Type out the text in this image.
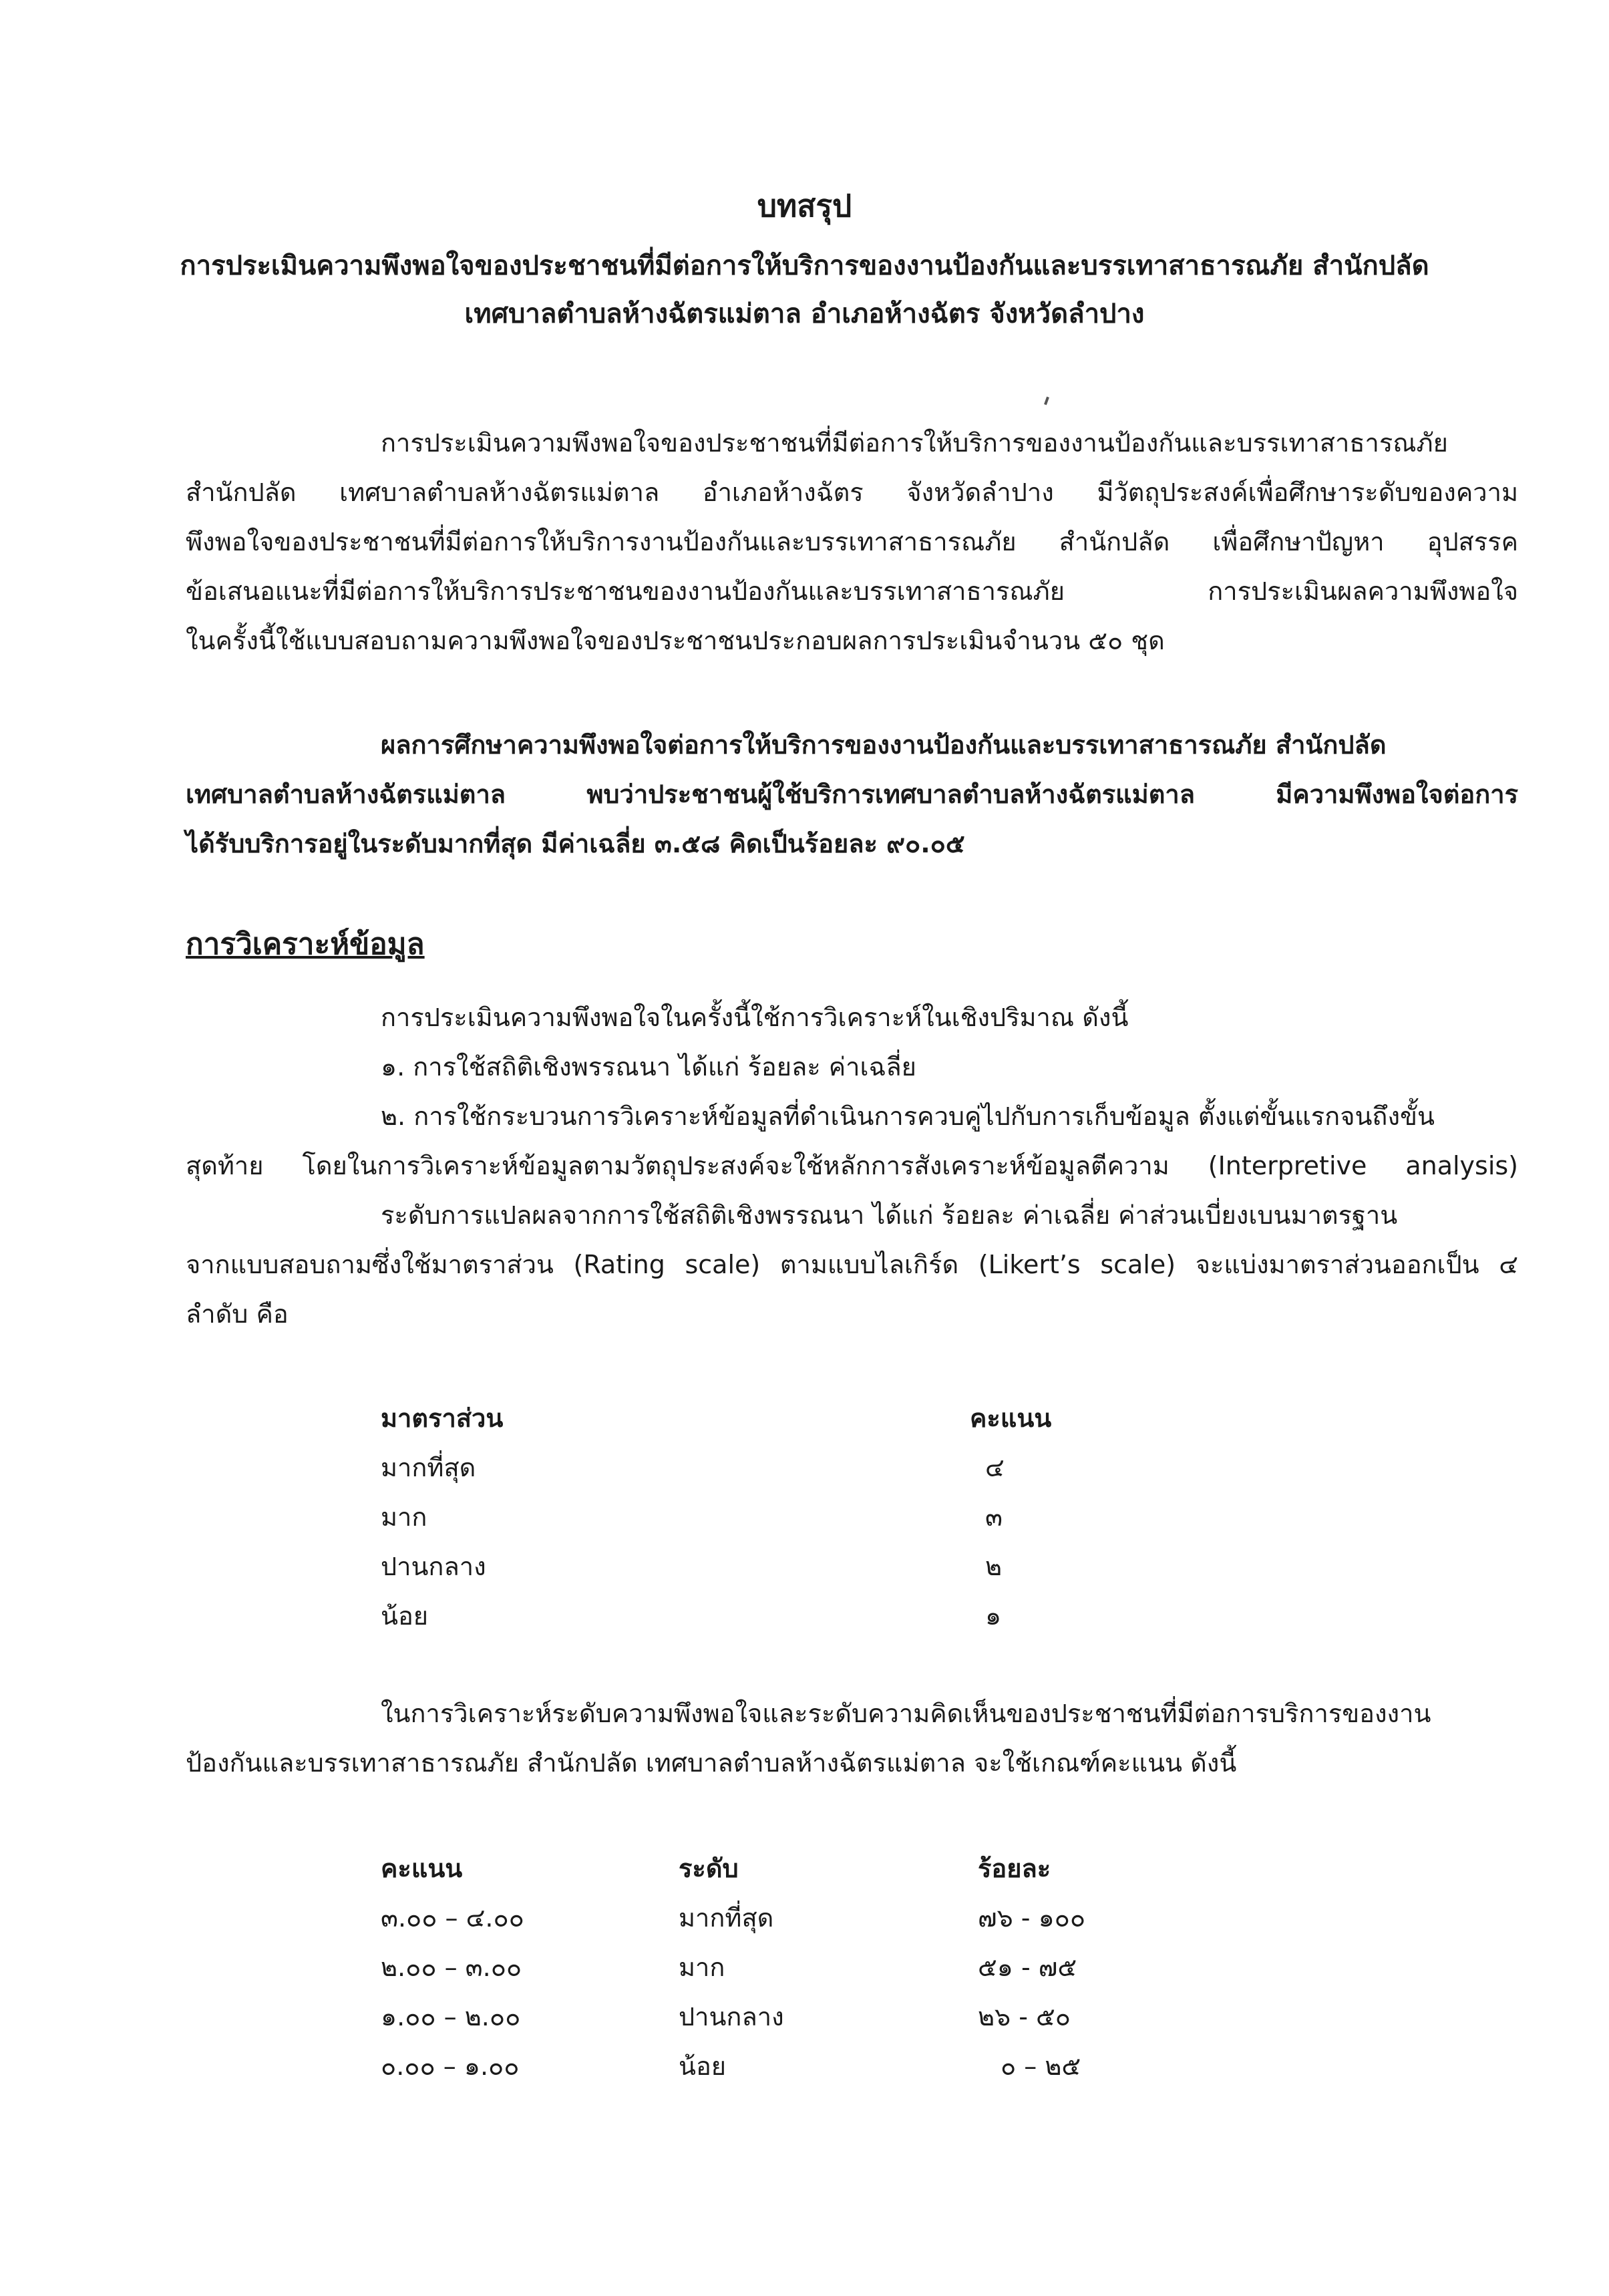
บทสรุป
การประเมินความพึงพอใจของประชาชนที่มีต่อการให้บริการของงานป้องกันและบรรเทาสาธารณภัย สำนักปลัด
เทศบาลตำบลห้างฉัตรแม่ตาล อำเภอห้างฉัตร จังหวัดลำปาง
การประเมินความพึงพอใจของประชาชนที่มีต่อการให้บริการของงานป้องกันและบรรเทาสาธารณภัย
สำนักปลัด เทศบาลตำบลห้างฉัตรแม่ตาล อำเภอห้างฉัตร จังหวัดลำปาง มีวัตถุประสงค์เพื่อศึกษาระดับของความ
พึงพอใจของประชาชนที่มีต่อการให้บริการงานป้องกันและบรรเทาสาธารณภัย สำนักปลัด เพื่อศึกษาปัญหา อุปสรรค
ข้อเสนอแนะที่มีต่อการให้บริการประชาชนของงานป้องกันและบรรเทาสาธารณภัย การประเมินผลความพึงพอใจ
ในครั้งนี้ใช้แบบสอบถามความพึงพอใจของประชาชนประกอบผลการประเมินจำนวน ๕๐ ชุด
ผลการศึกษาความพึงพอใจต่อการให้บริการของงานป้องกันและบรรเทาสาธารณภัย สำนักปลัด
เทศบาลตำบลห้างฉัตรแม่ตาล พบว่าประชาชนผู้ใช้บริการเทศบาลตำบลห้างฉัตรแม่ตาล มีความพึงพอใจต่อการ
ได้รับบริการอยู่ในระดับมากที่สุด มีค่าเฉลี่ย ๓.๕๘ คิดเป็นร้อยละ ๙๐.๐๕
การวิเคราะห์ข้อมูล
การประเมินความพึงพอใจในครั้งนี้ใช้การวิเคราะห์ในเชิงปริมาณ ดังนี้
๑. การใช้สถิติเชิงพรรณนา ได้แก่ ร้อยละ ค่าเฉลี่ย
๒. การใช้กระบวนการวิเคราะห์ข้อมูลที่ดำเนินการควบคู่ไปกับการเก็บข้อมูล ตั้งแต่ขั้นแรกจนถึงขั้น
สุดท้าย โดยในการวิเคราะห์ข้อมูลตามวัตถุประสงค์จะใช้หลักการสังเคราะห์ข้อมูลตีความ (Interpretive analysis)
ระดับการแปลผลจากการใช้สถิติเชิงพรรณนา ได้แก่ ร้อยละ ค่าเฉลี่ย ค่าส่วนเบี่ยงเบนมาตรฐาน
จากแบบสอบถามซึ่งใช้มาตราส่วน (Rating scale) ตามแบบไลเกิร์ด (Likert’s scale) จะแบ่งมาตราส่วนออกเป็น ๔
ลำดับ คือ
มาตราส่วน	คะแนน
มากที่สุด	๔
มาก	๓
ปานกลาง	๒
น้อย	๑
ในการวิเคราะห์ระดับความพึงพอใจและระดับความคิดเห็นของประชาชนที่มีต่อการบริการของงาน
ป้องกันและบรรเทาสาธารณภัย สำนักปลัด เทศบาลตำบลห้างฉัตรแม่ตาล จะใช้เกณฑ์คะแนน ดังนี้
คะแนน	ระดับ	ร้อยละ
๓.๐๐ – ๔.๐๐	มากที่สุด	๗๖ - ๑๐๐
๒.๐๐ – ๓.๐๐	มาก	๕๑ - ๗๕
๑.๐๐ – ๒.๐๐	ปานกลาง	๒๖ - ๕๐
๐.๐๐ – ๑.๐๐	น้อย	๐ – ๒๕
